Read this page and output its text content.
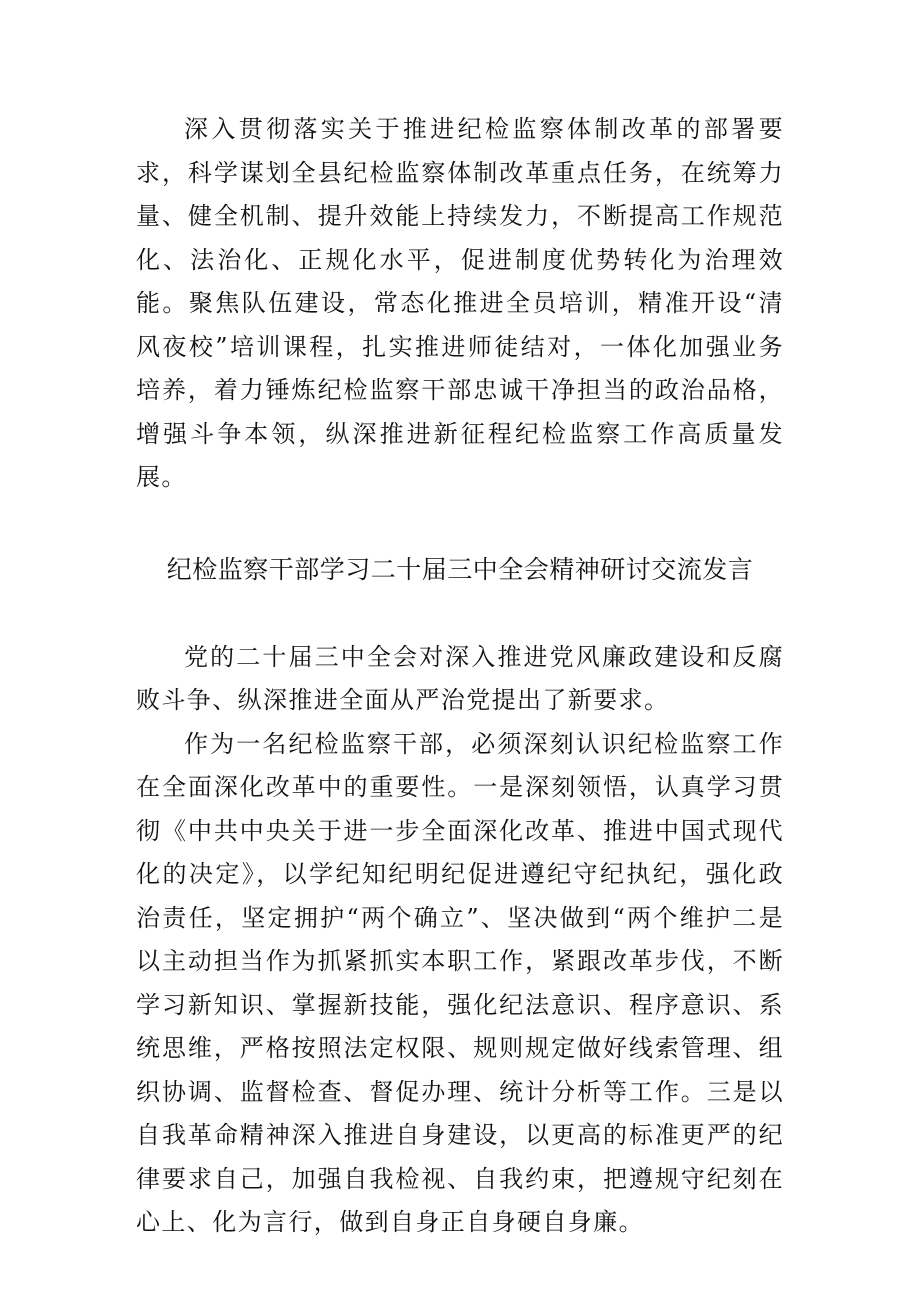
深入贯彻落实关于推进纪检监察体制改革的部署要求，科学谋划全县纪检监察体制改革重点任务，在统筹力量、健全机制、提升效能上持续发力，不断提高工作规范化、法治化、正规化水平，促进制度优势转化为治理效能。聚焦队伍建设，常态化推进全员培训，精准开设“清风夜校”培训课程，扎实推进师徒结对，一体化加强业务培养，着力锤炼纪检监察干部忠诚干净担当的政治品格，增强斗争本领，纵深推进新征程纪检监察工作高质量发展。

纪检监察干部学习二十届三中全会精神研讨交流发言

党的二十届三中全会对深入推进党风廉政建设和反腐败斗争、纵深推进全面从严治党提出了新要求。

作为一名纪检监察干部，必须深刻认识纪检监察工作在全面深化改革中的重要性。一是深刻领悟，认真学习贯彻《中共中央关于进一步全面深化改革、推进中国式现代化的决定》，以学纪知纪明纪促进遵纪守纪执纪，强化政治责任，坚定拥护“两个确立”、坚决做到“两个维护二是以主动担当作为抓紧抓实本职工作，紧跟改革步伐，不断学习新知识、掌握新技能，强化纪法意识、程序意识、系统思维，严格按照法定权限、规则规定做好线索管理、组织协调、监督检查、督促办理、统计分析等工作。三是以自我革命精神深入推进自身建设，以更高的标准更严的纪律要求自己，加强自我检视、自我约束，把遵规守纪刻在心上、化为言行，做到自身正自身硬自身廉。
